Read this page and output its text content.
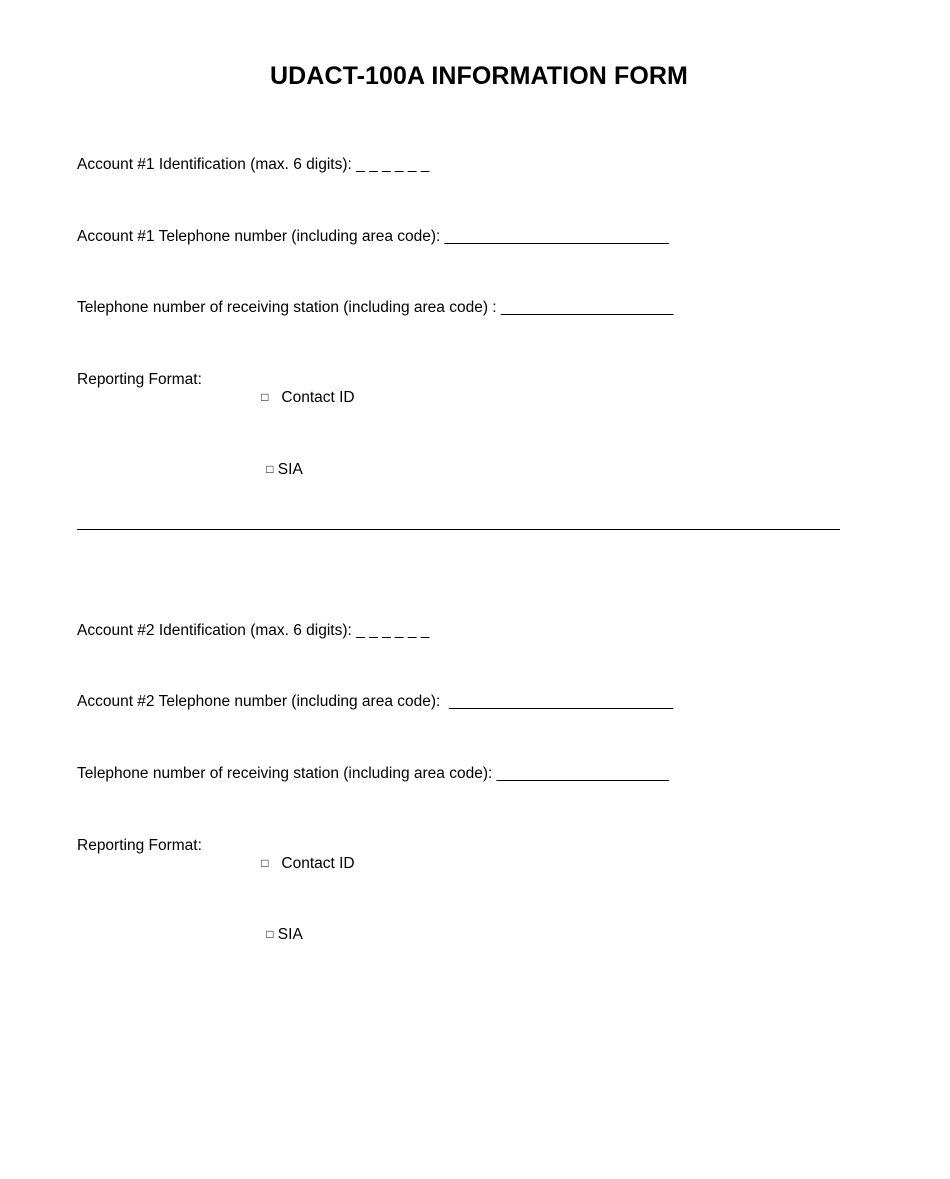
UDACT-100A INFORMATION FORM
Account #1 Identification (max. 6 digits): _ _ _ _ _ _
Account #1 Telephone number (including area code): __________________________
Telephone number of receiving station (including area code) : ____________________
Reporting Format:

□ Contact ID

□ SIA

Account #2 Identification (max. 6 digits): _ _ _ _ _ _
Account #2 Telephone number (including area code):  __________________________
Telephone number of receiving station (including area code): ____________________
Reporting Format:

□ Contact ID

□ SIA
